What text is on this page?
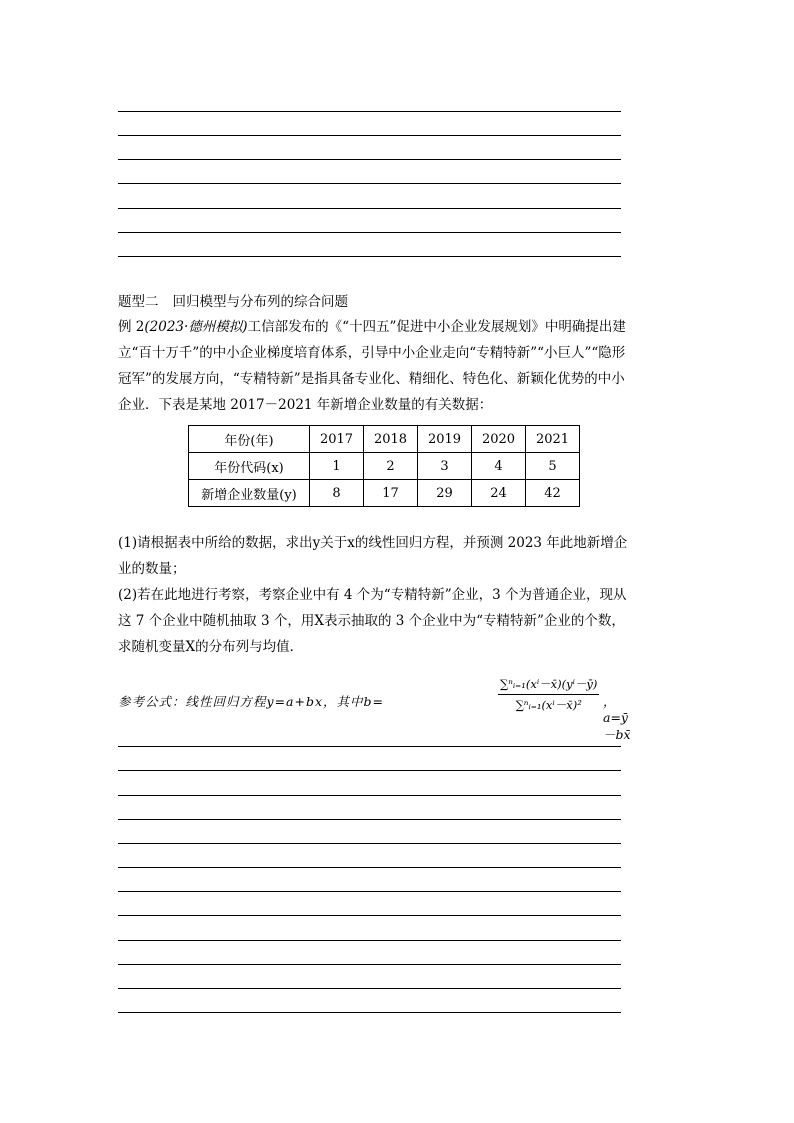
题型二 回归模型与分布列的综合问题
例 2(2023·德州模拟)工信部发布的《“十四五”促进中小企业发展规划》中明确提出建立“百十万千”的中小企业梯度培育体系，引导中小企业走向“专精特新”“小巨人”“隐形冠军”的发展方向，“专精特新”是指具备专业化、精细化、特色化、新颖化优势的中小企业．下表是某地 2017－2021 年新增企业数量的有关数据：
年份(年)	2017	2018	2019	2020	2021
年份代码(x)	1	2	3	4	5
新增企业数量(y)	8	17	29	24	42
(1)请根据表中所给的数据，求出y关于x的线性回归方程，并预测 2023 年此地新增企业的数量；
(2)若在此地进行考察，考察企业中有 4 个为“专精特新”企业，3 个为普通企业，现从这 7 个企业中随机抽取 3 个，用X表示抽取的 3 个企业中为“专精特新”企业的个数，求随机变量X的分布列与均值．
参考公式：线性回归方程y=a+bx，其中b=	$\frac{\text{∑ⁿᵢ₌₁(xⁱ－x̄)(yⁱ－ȳ)}}{\text{∑ⁿᵢ₌₁(xⁱ－x̄)²}}$ ，a=ȳ－bx̄
